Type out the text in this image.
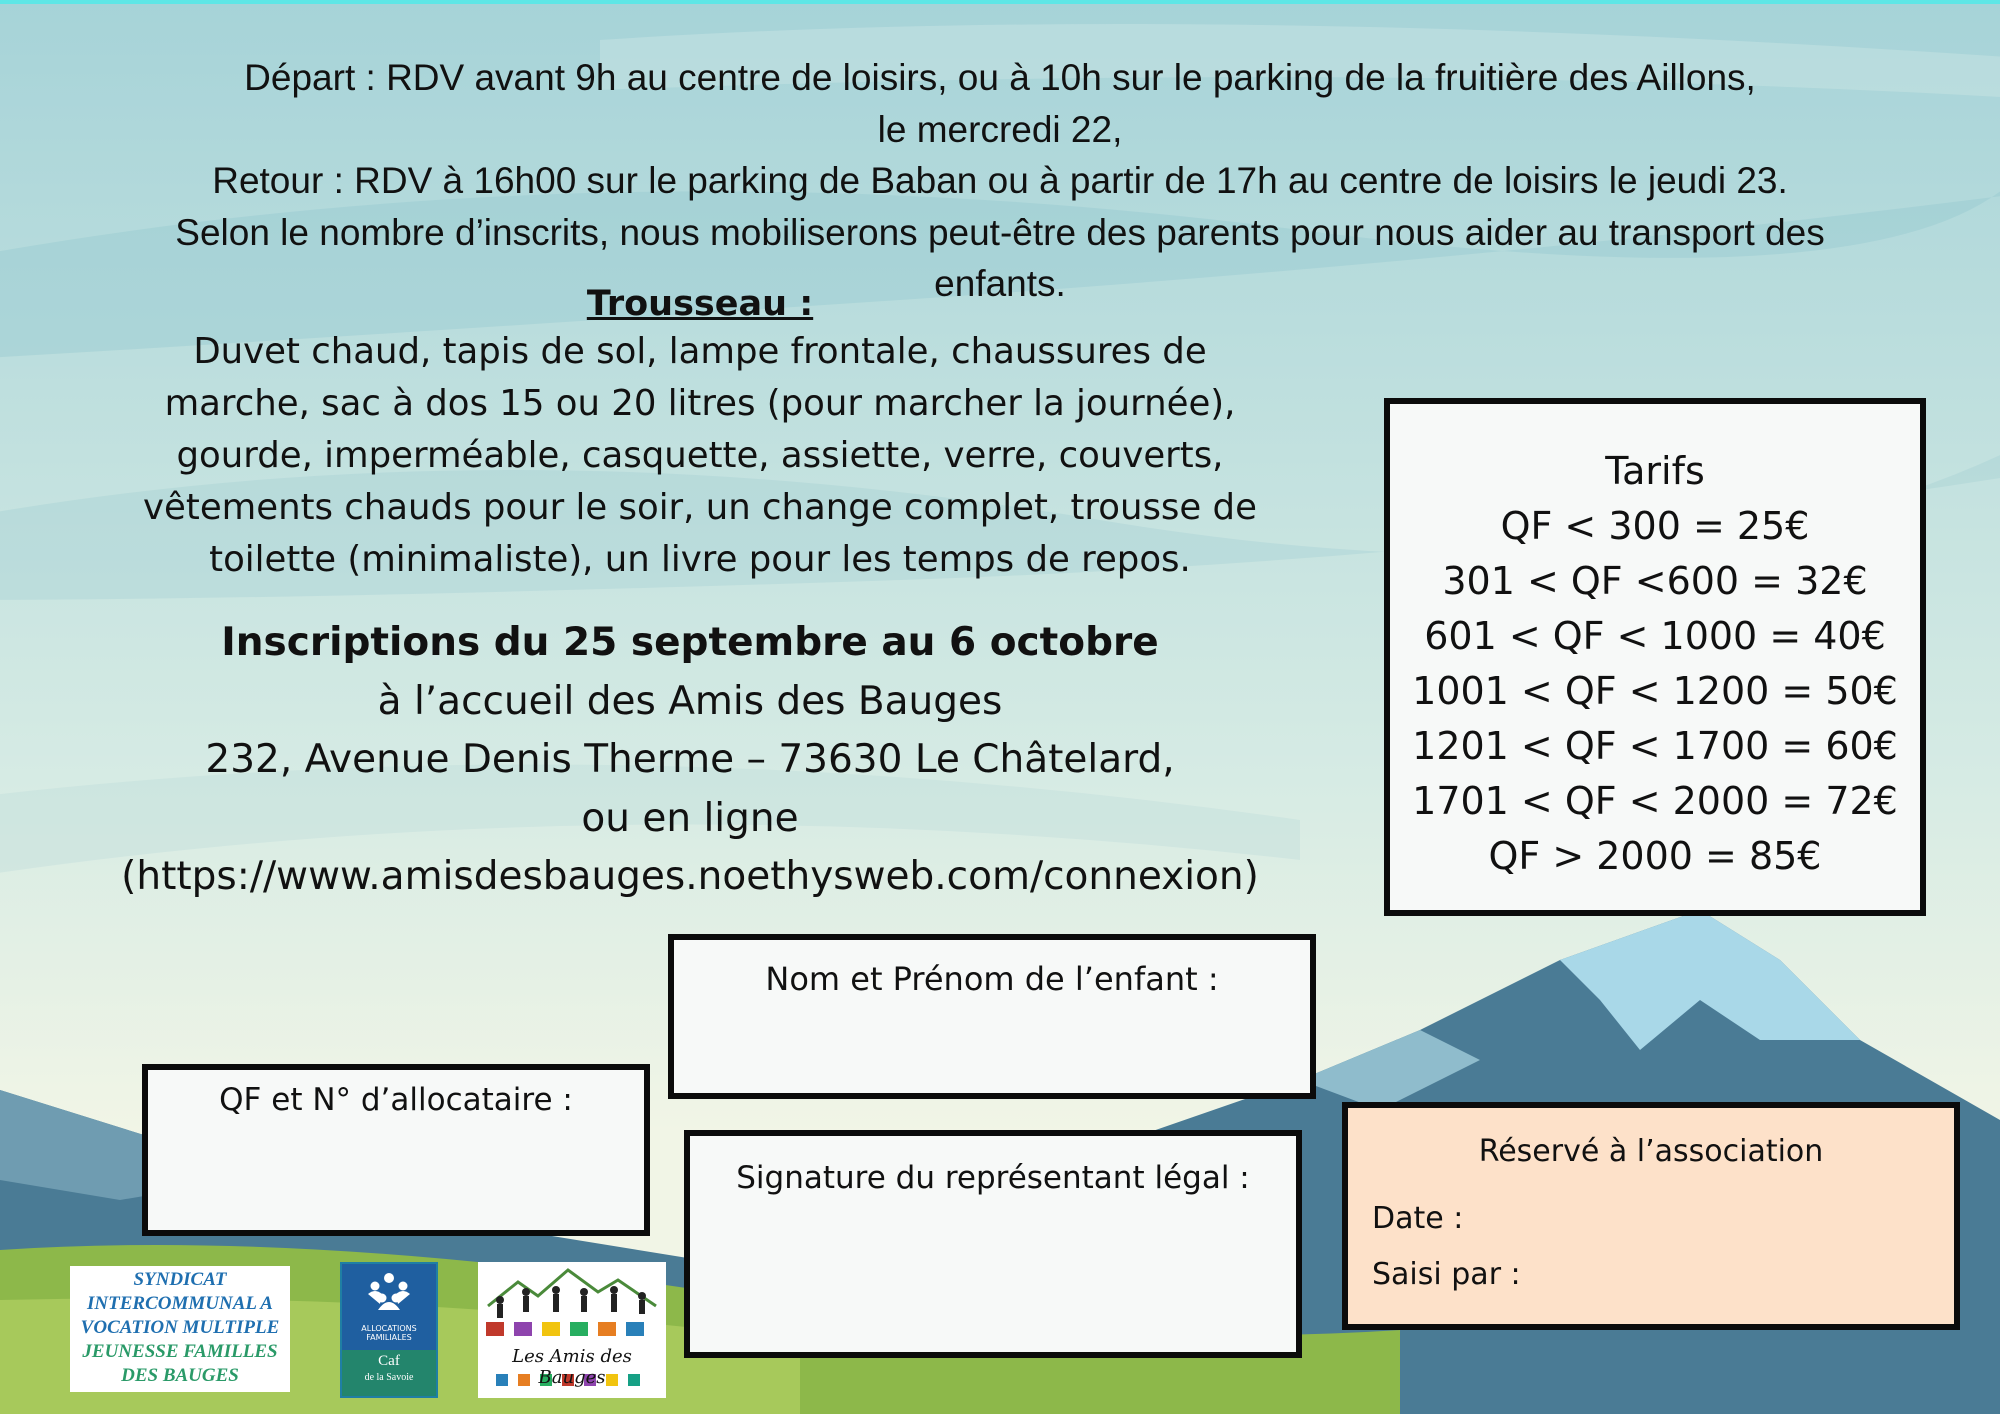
Départ : RDV avant 9h au centre de loisirs, ou à 10h sur le parking de la fruitière des Aillons,
le mercredi 22,
Retour : RDV à 16h00 sur le parking de Baban ou à partir de 17h au centre de loisirs le jeudi 23.
Selon le nombre d’inscrits, nous mobiliserons peut-être des parents pour nous aider au transport des
enfants.
Trousseau :
Duvet chaud, tapis de sol, lampe frontale, chaussures de
marche, sac à dos 15 ou 20 litres (pour marcher la journée),
gourde, imperméable, casquette, assiette, verre, couverts,
vêtements chauds pour le soir, un change complet, trousse de
toilette (minimaliste), un livre pour les temps de repos.
Inscriptions du 25 septembre au 6 octobre
à l’accueil des Amis des Bauges
232, Avenue Denis Therme – 73630 Le Châtelard,
ou en ligne
(https://www.amisdesbauges.noethysweb.com/connexion)
Tarifs
QF < 300 = 25€
301 < QF <600 = 32€
601 < QF < 1000 = 40€
1001 < QF < 1200 = 50€
1201 < QF < 1700 = 60€
1701 < QF < 2000 = 72€
QF > 2000 = 85€
Nom et Prénom de l’enfant :
QF et N° d’allocataire :
Signature du représentant légal :
Réservé à l’association
Date :
Saisi par :
SYNDICAT
INTERCOMMUNAL A
VOCATION MULTIPLE
JEUNESSE FAMILLES
DES BAUGES
ALLOCATIONS FAMILIALES
Caf
de la Savoie
Les Amis des Bauges
